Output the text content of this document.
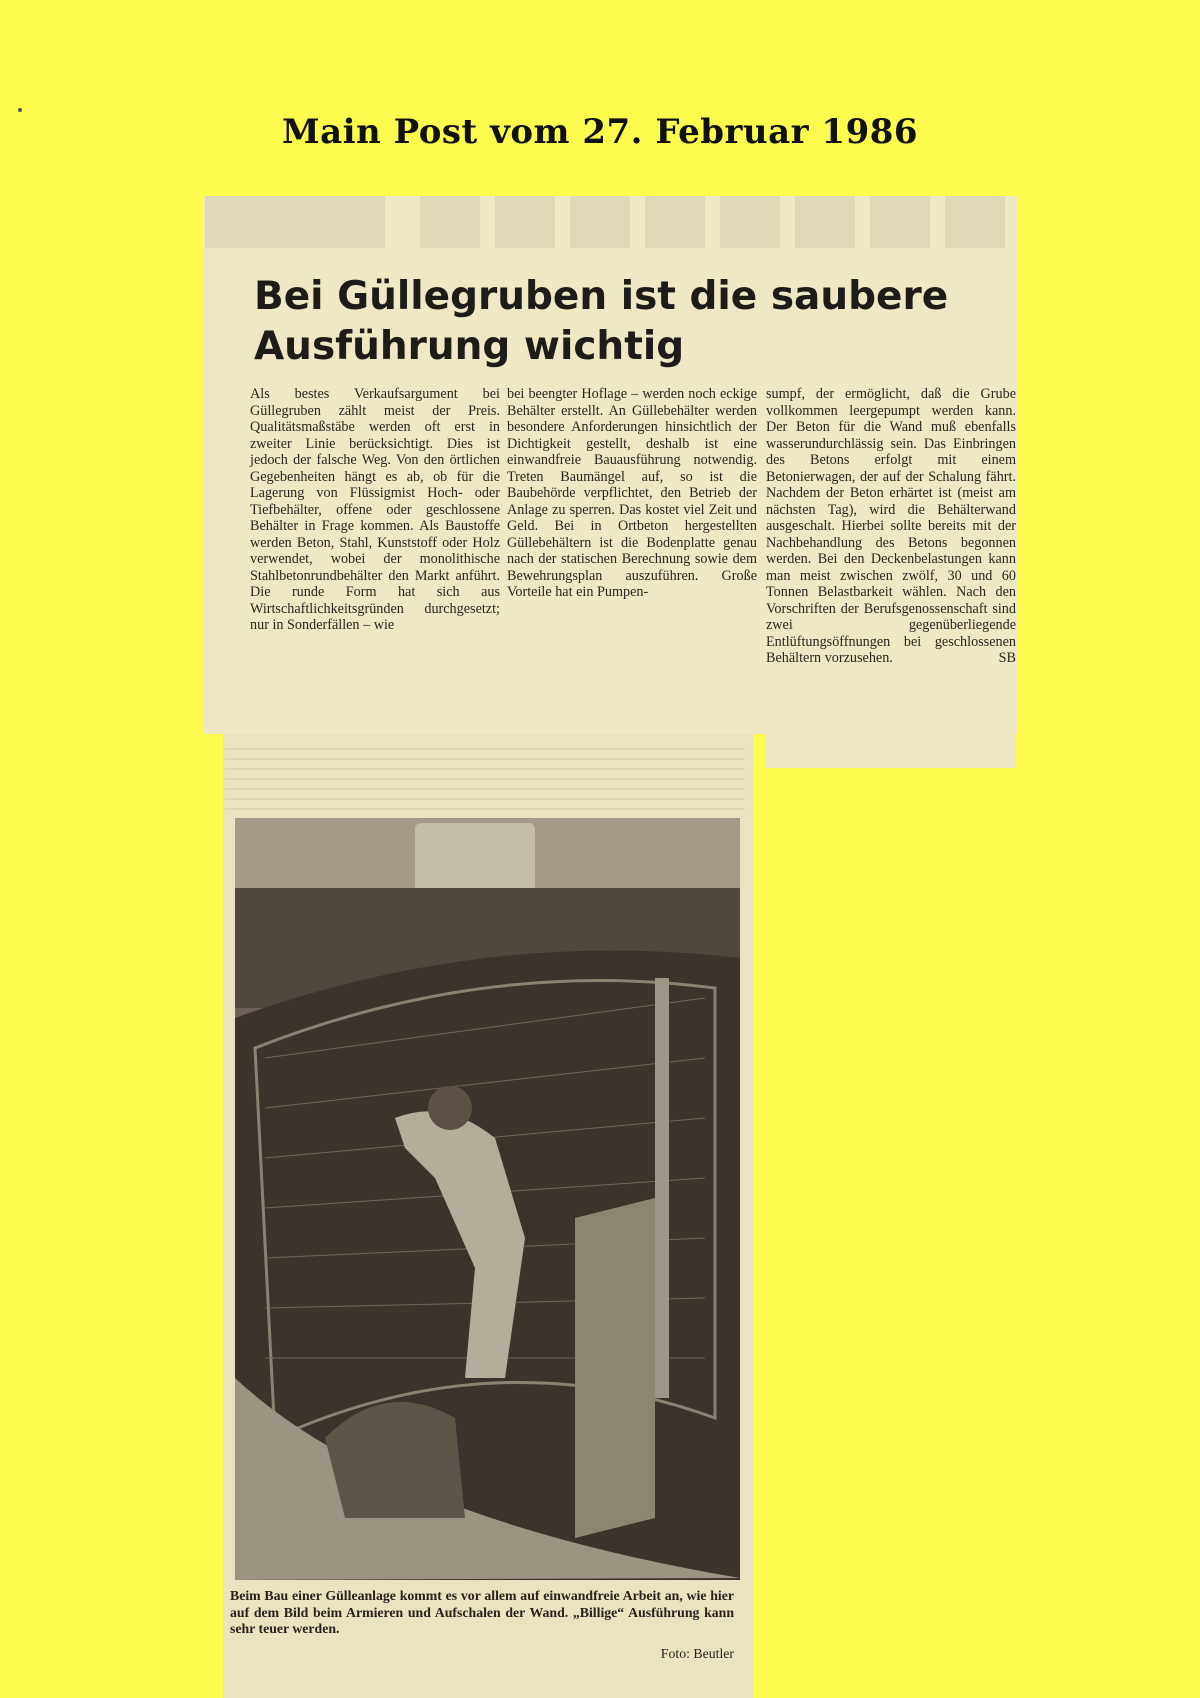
Main Post vom 27. Februar 1986
Bei Güllegruben ist die saubere Ausführung wichtig

Als bestes Verkaufsargument bei Güllegruben zählt meist der Preis. Qualitätsmaßstäbe werden oft erst in zweiter Linie berücksichtigt. Dies ist jedoch der falsche Weg. Von den örtlichen Gegebenheiten hängt es ab, ob für die Lagerung von Flüssigmist Hoch- oder Tiefbehälter, offene oder geschlossene Behälter in Frage kommen. Als Baustoffe werden Beton, Stahl, Kunststoff oder Holz verwendet, wobei der monolithische Stahlbetonrundbehälter den Markt anführt. Die runde Form hat sich aus Wirtschaftlichkeitsgründen durchgesetzt; nur in Sonderfällen – wie

bei beengter Hoflage – werden noch eckige Behälter erstellt. An Güllebehälter werden besondere Anforderungen hinsichtlich der Dichtigkeit gestellt, deshalb ist eine einwandfreie Bauausführung notwendig. Treten Baumängel auf, so ist die Baubehörde verpflichtet, den Betrieb der Anlage zu sperren. Das kostet viel Zeit und Geld. Bei in Ortbeton hergestellten Güllebehältern ist die Bodenplatte genau nach der statischen Berechnung sowie dem Bewehrungsplan auszuführen. Große Vorteile hat ein Pumpen-

sumpf, der ermöglicht, daß die Grube vollkommen leergepumpt werden kann. Der Beton für die Wand muß ebenfalls wasserundurchlässig sein. Das Einbringen des Betons erfolgt mit einem Betonierwagen, der auf der Schalung fährt. Nachdem der Beton erhärtet ist (meist am nächsten Tag), wird die Behälterwand ausgeschalt. Hierbei sollte bereits mit der Nachbehandlung des Betons begonnen werden. Bei den Deckenbelastungen kann man meist zwischen zwölf, 30 und 60 Tonnen Belastbarkeit wählen. Nach den Vorschriften der Berufsgenossenschaft sind zwei gegenüberliegende Entlüftungsöffnungen bei geschlossenen Behältern vorzusehen.	SB

Beim Bau einer Gülleanlage kommt es vor allem auf einwandfreie Arbeit an, wie hier auf dem Bild beim Armieren und Aufschalen der Wand. „Billige“ Ausführung kann sehr teuer werden.
Foto: Beutler
